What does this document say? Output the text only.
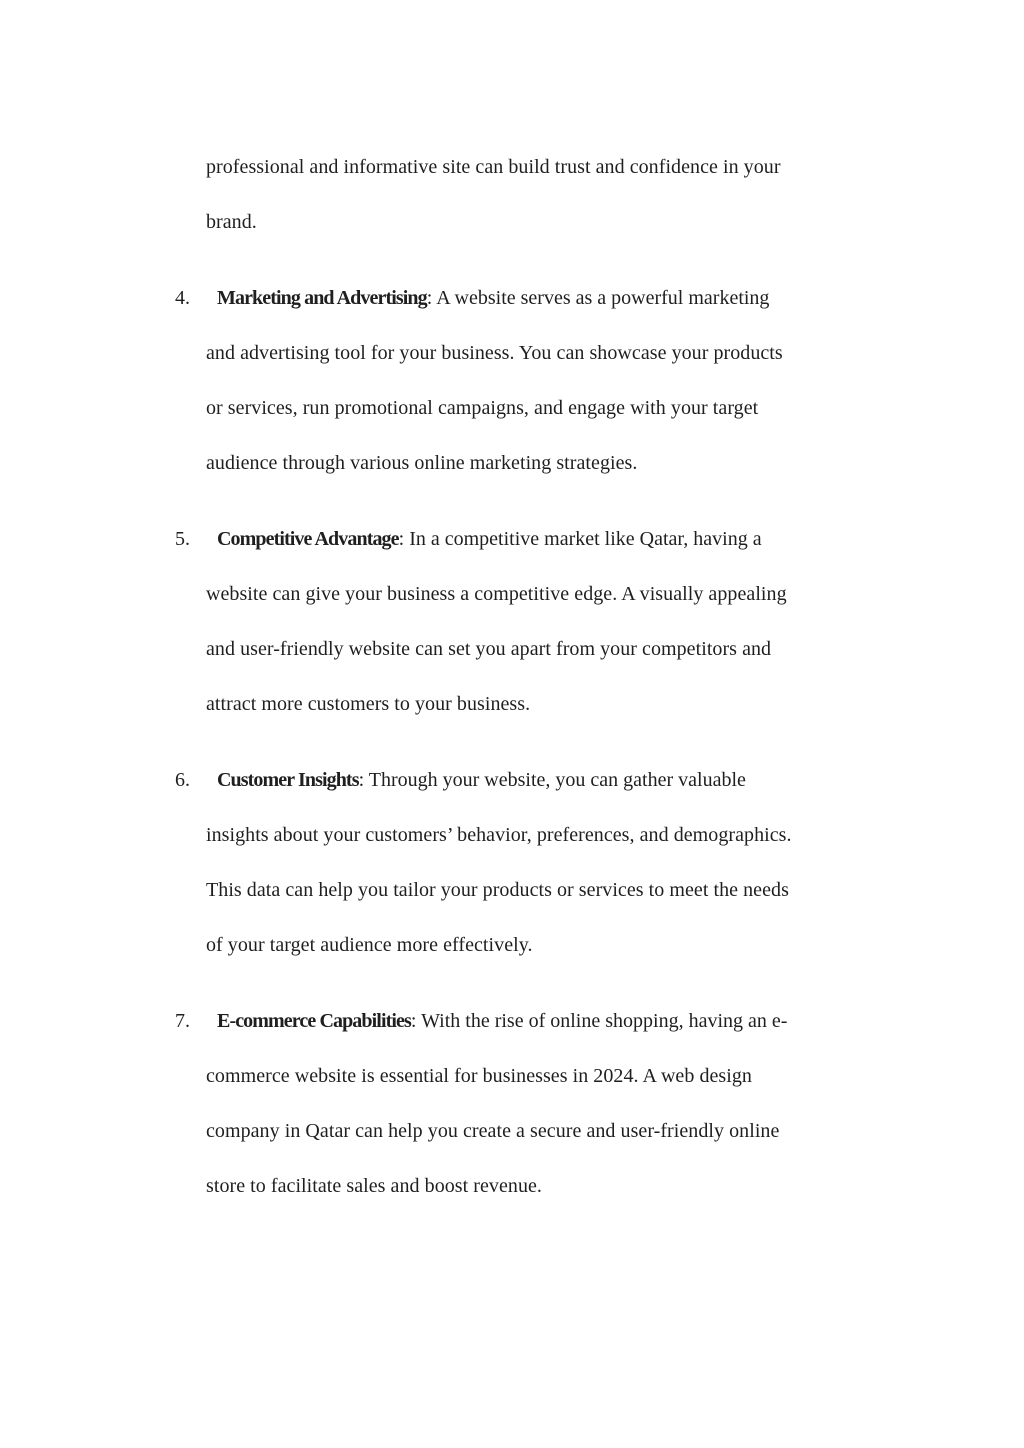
professional and informative site can build trust and confidence in your
brand.
4. Marketing and Advertising: A website serves as a powerful marketing
and advertising tool for your business. You can showcase your products
or services, run promotional campaigns, and engage with your target
audience through various online marketing strategies.
5. Competitive Advantage: In a competitive market like Qatar, having a
website can give your business a competitive edge. A visually appealing
and user-friendly website can set you apart from your competitors and
attract more customers to your business.
6. Customer Insights: Through your website, you can gather valuable
insights about your customers’ behavior, preferences, and demographics.
This data can help you tailor your products or services to meet the needs
of your target audience more effectively.
7. E-commerce Capabilities: With the rise of online shopping, having an e-
commerce website is essential for businesses in 2024. A web design
company in Qatar can help you create a secure and user-friendly online
store to facilitate sales and boost revenue.
